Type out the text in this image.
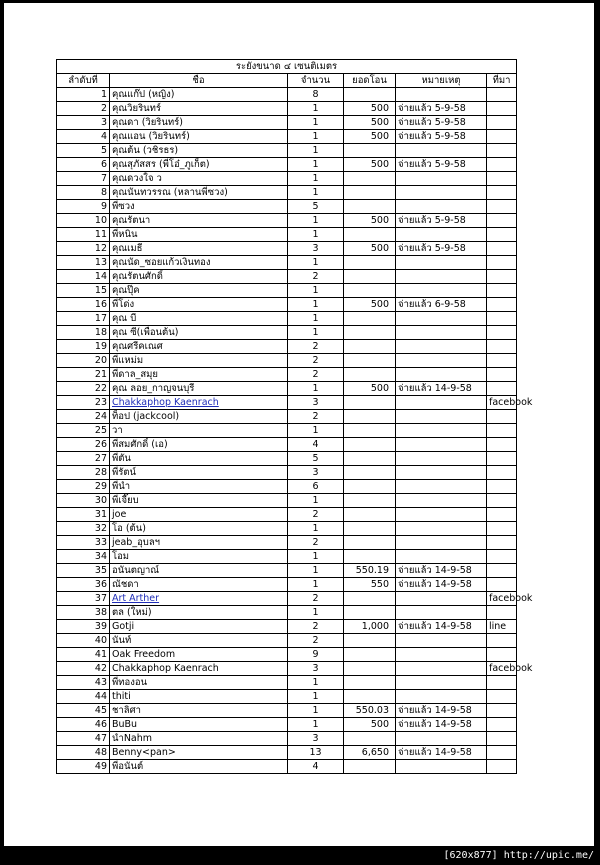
ระยังขนาด ๔ เซนติเมตร					
ลำดับที่	ชื่อ	จำนวน	ยอดโอน	หมายเหตุ	ที่มา
1	คุณแก๊ป (หญิง)	8			
2	คุณวิยรินทร์	1	500	จ่ายแล้ว 5-9-58	
3	คุณดา (วิยรินทร์)	1	500	จ่ายแล้ว 5-9-58	
4	คุณแอน (วิยรินทร์)	1	500	จ่ายแล้ว 5-9-58	
5	คุณต้น (วชิรธร)	1			
6	คุณสุภัสสร (พี่โอ๋_ภูเก็ต)	1	500	จ่ายแล้ว 5-9-58	
7	คุณดวงใจ ว	1			
8	คุณนันทวรรณ (หลานพี่ซวง)	1			
9	พี่ซวง	5			
10	คุณรัตนา	1	500	จ่ายแล้ว 5-9-58	
11	พี่หนิน	1			
12	คุณเมธี	3	500	จ่ายแล้ว 5-9-58	
13	คุณนัด_ซอยแก้วเงินทอง	1			
14	คุณรัตนศักดิ์	2			
15	คุณปุ๊ค	1			
16	พี่โด่ง	1	500	จ่ายแล้ว 6-9-58	
17	คุณ บี	1			
18	คุณ ซี(เพื่อนต้น)	1			
19	คุณศรีคเณศ	2			
20	พี่แหม่ม	2			
21	พี่ดาล_สมุย	2			
22	คุณ ลอย_กาญจนบุรี	1	500	จ่ายแล้ว 14-9-58	
23	Chakkaphop Kaenrach	3			facebook
24	ท็อป (jackcool)	2			
25	วา	1			
26	พี่สมศักดิ์ (เอ)	4			
27	พี่ตัน	5			
28	พี่รัตน์	3			
29	พี่นำ	6			
30	พี่เจี๊ยบ	1			
31	joe	2			
32	โอ (ต้น)	1			
33	jeab_อุบลฯ	2			
34	โอม	1			
35	อนันตญาณ์	1	550.19	จ่ายแล้ว 14-9-58	
36	ณัชดา	1	550	จ่ายแล้ว 14-9-58	
37	Art Arther	2			facebook
38	ตล (ใหม่)	1			
39	Gotji	2	1,000	จ่ายแล้ว 14-9-58	line
40	นันท์	2			
41	Oak Freedom	9			
42	Chakkaphop Kaenrach	3			facebook
43	พี่ทองอน	1			
44	thiti	1			
45	ชาลิศา	1	550.03	จ่ายแล้ว 14-9-58	
46	BuBu	1	500	จ่ายแล้ว 14-9-58	
47	นำNahm	3			
48	Benny<pan>	13	6,650	จ่ายแล้ว 14-9-58	
49	พี่อนันต์	4			
[620x877] http://upic.me/
